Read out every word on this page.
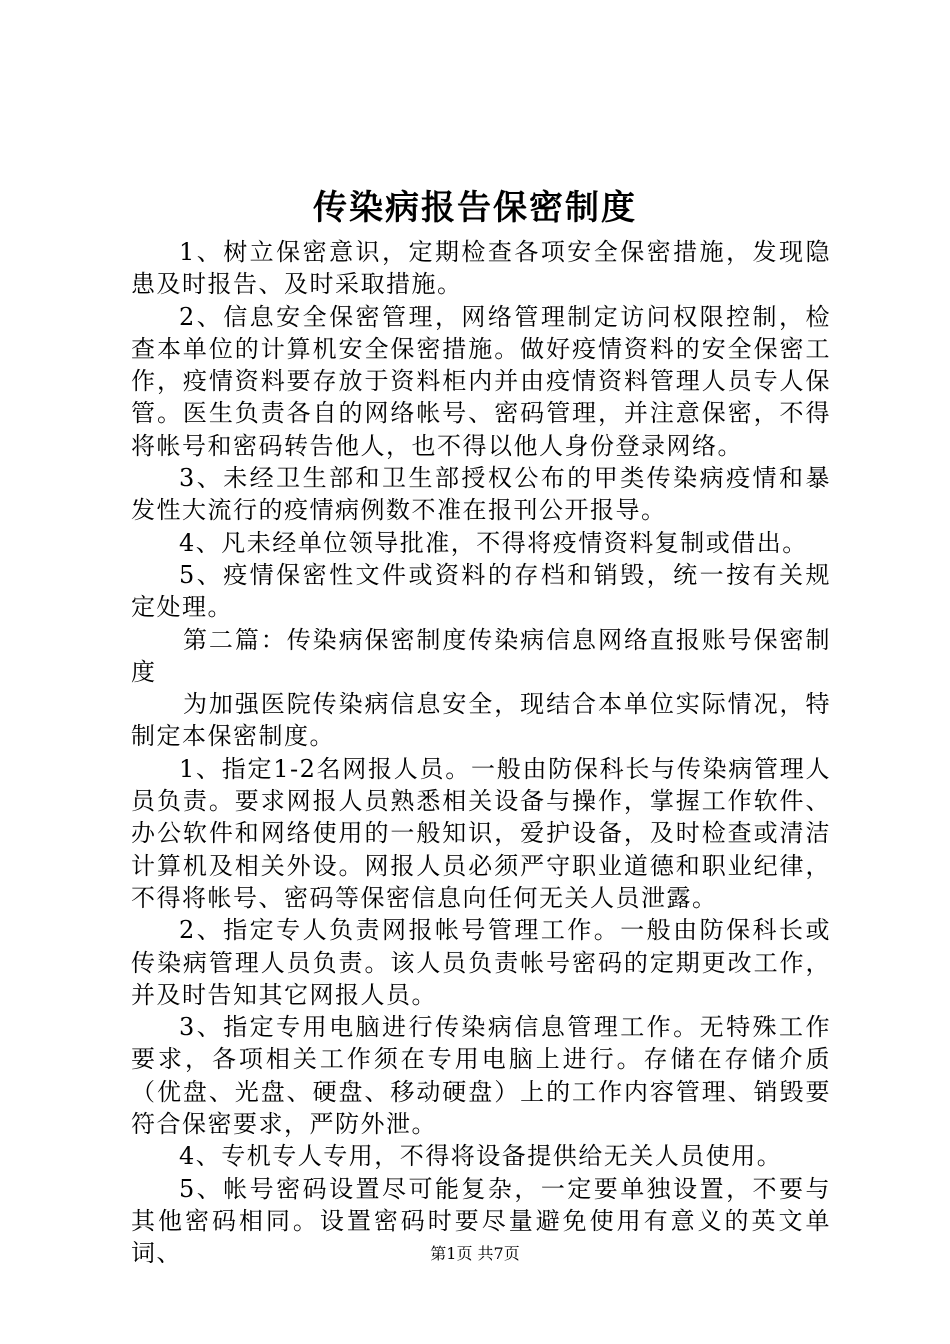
传染病报告保密制度

1、树立保密意识，定期检查各项安全保密措施，发现隐患及时报告、及时采取措施。

2、信息安全保密管理，网络管理制定访问权限控制，检查本单位的计算机安全保密措施。做好疫情资料的安全保密工作，疫情资料要存放于资料柜内并由疫情资料管理人员专人保管。医生负责各自的网络帐号、密码管理，并注意保密，不得将帐号和密码转告他人，也不得以他人身份登录网络。

3、未经卫生部和卫生部授权公布的甲类传染病疫情和暴发性大流行的疫情病例数不准在报刊公开报导。

4、凡未经单位领导批准，不得将疫情资料复制或借出。

5、疫情保密性文件或资料的存档和销毁，统一按有关规定处理。

第二篇：传染病保密制度传染病信息网络直报账号保密制度

为加强医院传染病信息安全，现结合本单位实际情况，特制定本保密制度。

1、指定1-2名网报人员。一般由防保科长与传染病管理人员负责。要求网报人员熟悉相关设备与操作，掌握工作软件、办公软件和网络使用的一般知识，爱护设备，及时检查或清洁计算机及相关外设。网报人员必须严守职业道德和职业纪律，不得将帐号、密码等保密信息向任何无关人员泄露。

2、指定专人负责网报帐号管理工作。一般由防保科长或传染病管理人员负责。该人员负责帐号密码的定期更改工作，并及时告知其它网报人员。

3、指定专用电脑进行传染病信息管理工作。无特殊工作要求，各项相关工作须在专用电脑上进行。存储在存储介质（优盘、光盘、硬盘、移动硬盘）上的工作内容管理、销毁要符合保密要求，严防外泄。

4、专机专人专用，不得将设备提供给无关人员使用。

5、帐号密码设置尽可能复杂，一定要单独设置，不要与其他密码相同。设置密码时要尽量避免使用有意义的英文单词、	第1页 共7页
